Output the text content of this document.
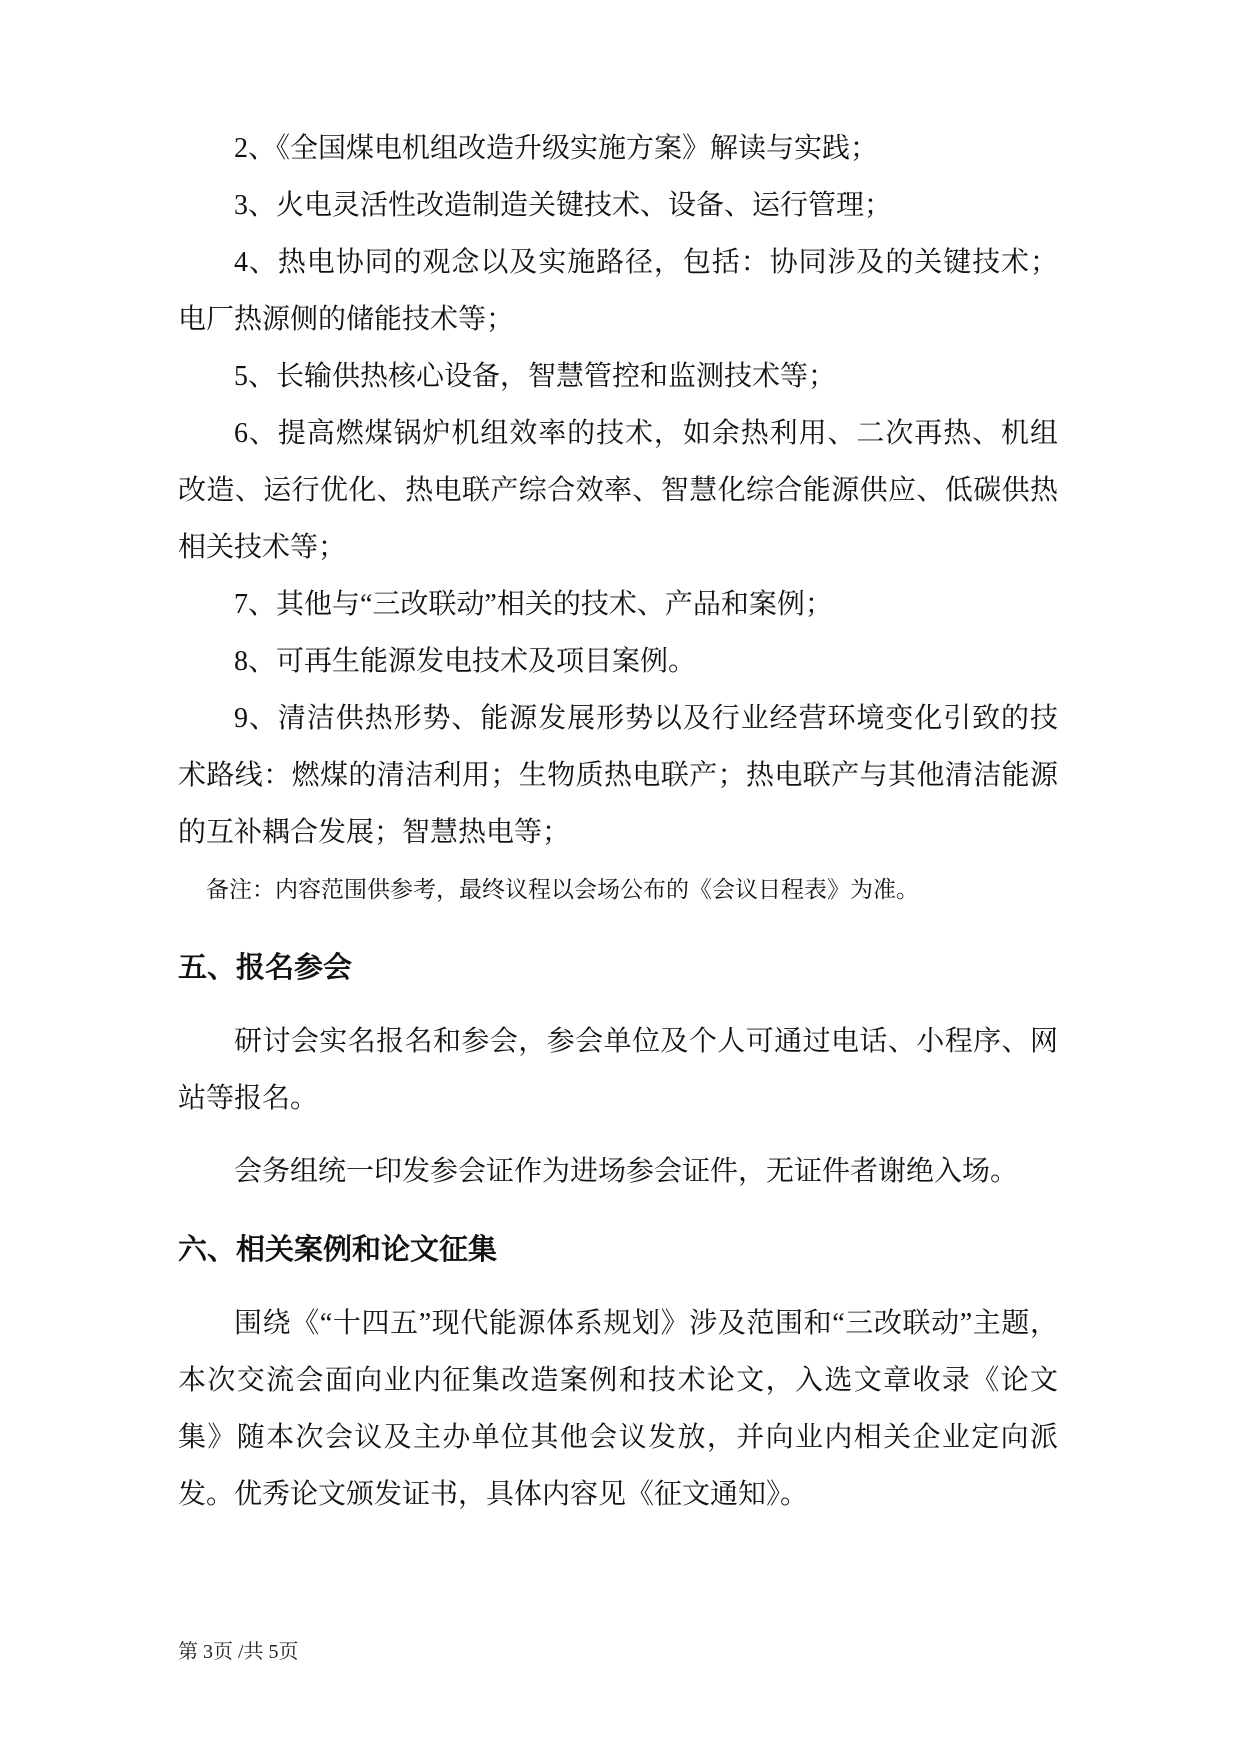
2、《全国煤电机组改造升级实施方案》解读与实践；

3、火电灵活性改造制造关键技术、设备、运行管理；

4、热电协同的观念以及实施路径，包括：协同涉及的关键技术；电厂热源侧的储能技术等；

5、长输供热核心设备，智慧管控和监测技术等；

6、提高燃煤锅炉机组效率的技术，如余热利用、二次再热、机组改造、运行优化、热电联产综合效率、智慧化综合能源供应、低碳供热相关技术等；

7、其他与“三改联动”相关的技术、产品和案例；

8、可再生能源发电技术及项目案例。

9、清洁供热形势、能源发展形势以及行业经营环境变化引致的技术路线：燃煤的清洁利用；生物质热电联产；热电联产与其他清洁能源的互补耦合发展；智慧热电等；

备注：内容范围供参考，最终议程以会场公布的《会议日程表》为准。

五、报名参会

研讨会实名报名和参会，参会单位及个人可通过电话、小程序、网站等报名。

会务组统一印发参会证作为进场参会证件，无证件者谢绝入场。

六、相关案例和论文征集

围绕《“十四五”现代能源体系规划》涉及范围和“三改联动”主题，本次交流会面向业内征集改造案例和技术论文，入选文章收录《论文集》随本次会议及主办单位其他会议发放，并向业内相关企业定向派发。优秀论文颁发证书，具体内容见《征文通知》。

第 3页 /共 5页
